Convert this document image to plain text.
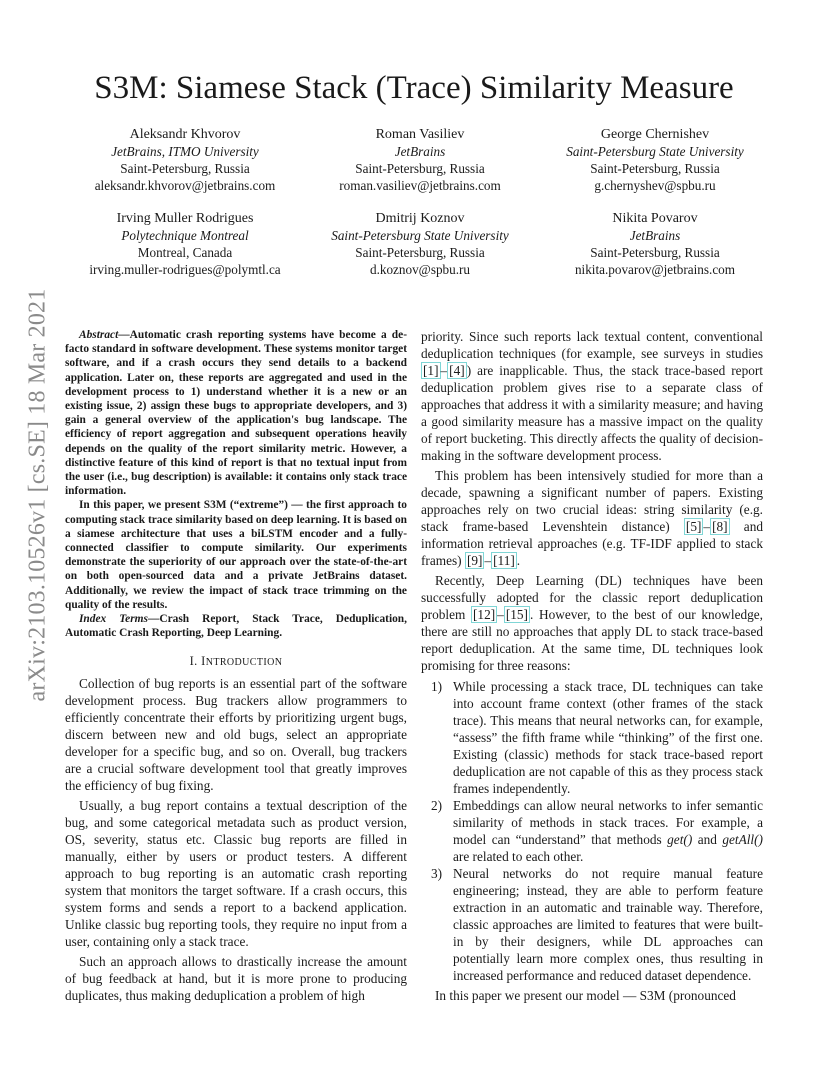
arXiv:2103.10526v1 [cs.SE] 18 Mar 2021
S3M: Siamese Stack (Trace) Similarity Measure
Aleksandr Khvorov
JetBrains, ITMO University
Saint-Petersburg, Russia
aleksandr.khvorov@jetbrains.com
Roman Vasiliev
JetBrains
Saint-Petersburg, Russia
roman.vasiliev@jetbrains.com
George Chernishev
Saint-Petersburg State University
Saint-Petersburg, Russia
g.chernyshev@spbu.ru
Irving Muller Rodrigues
Polytechnique Montreal
Montreal, Canada
irving.muller-rodrigues@polymtl.ca
Dmitrij Koznov
Saint-Petersburg State University
Saint-Petersburg, Russia
d.koznov@spbu.ru
Nikita Povarov
JetBrains
Saint-Petersburg, Russia
nikita.povarov@jetbrains.com

Abstract—Automatic crash reporting systems have become a de-facto standard in software development. These systems monitor target software, and if a crash occurs they send details to a backend application. Later on, these reports are aggregated and used in the development process to 1) understand whether it is a new or an existing issue, 2) assign these bugs to appropriate developers, and 3) gain a general overview of the application's bug landscape. The efficiency of report aggregation and subsequent operations heavily depends on the quality of the report similarity metric. However, a distinctive feature of this kind of report is that no textual input from the user (i.e., bug description) is available: it contains only stack trace information.

In this paper, we present S3M (“extreme”) — the first approach to computing stack trace similarity based on deep learning. It is based on a siamese architecture that uses a biLSTM encoder and a fully-connected classifier to compute similarity. Our experiments demonstrate the superiority of our approach over the state-of-the-art on both open-sourced data and a private JetBrains dataset. Additionally, we review the impact of stack trace trimming on the quality of the results.

Index Terms—Crash Report, Stack Trace, Deduplication, Automatic Crash Reporting, Deep Learning.

I. INTRODUCTION

Collection of bug reports is an essential part of the software development process. Bug trackers allow programmers to efficiently concentrate their efforts by prioritizing urgent bugs, discern between new and old bugs, select an appropriate developer for a specific bug, and so on. Overall, bug trackers are a crucial software development tool that greatly improves the efficiency of bug fixing.

Usually, a bug report contains a textual description of the bug, and some categorical metadata such as product version, OS, severity, status etc. Classic bug reports are filled in manually, either by users or product testers. A different approach to bug reporting is an automatic crash reporting system that monitors the target software. If a crash occurs, this system forms and sends a report to a backend application. Unlike classic bug reporting tools, they require no input from a user, containing only a stack trace.

Such an approach allows to drastically increase the amount of bug feedback at hand, but it is more prone to producing duplicates, thus making deduplication a problem of high

priority. Since such reports lack textual content, conventional deduplication techniques (for example, see surveys in studies [1] – [4] ) are inapplicable. Thus, the stack trace-based report deduplication problem gives rise to a separate class of approaches that address it with a similarity measure; and having a good similarity measure has a massive impact on the quality of report bucketing. This directly affects the quality of decision-making in the software development process.

This problem has been intensively studied for more than a decade, spawning a significant number of papers. Existing approaches rely on two crucial ideas: string similarity (e.g. stack frame-based Levenshtein distance) [5] – [8] and information retrieval approaches (e.g. TF-IDF applied to stack frames) [9] – [11] .

Recently, Deep Learning (DL) techniques have been successfully adopted for the classic report deduplication problem [12] – [15] . However, to the best of our knowledge, there are still no approaches that apply DL to stack trace-based report deduplication. At the same time, DL techniques look promising for three reasons:

1) While processing a stack trace, DL techniques can take into account frame context (other frames of the stack trace). This means that neural networks can, for example, “assess” the fifth frame while “thinking” of the first one. Existing (classic) methods for stack trace-based report deduplication are not capable of this as they process stack frames independently.
2) Embeddings can allow neural networks to infer semantic similarity of methods in stack traces. For example, a model can “understand” that methods get() and getAll() are related to each other.
3) Neural networks do not require manual feature engineering; instead, they are able to perform feature extraction in an automatic and trainable way. Therefore, classic approaches are limited to features that were built-in by their designers, while DL approaches can potentially learn more complex ones, thus resulting in increased performance and reduced dataset dependence.

In this paper we present our model — S3M (pronounced
